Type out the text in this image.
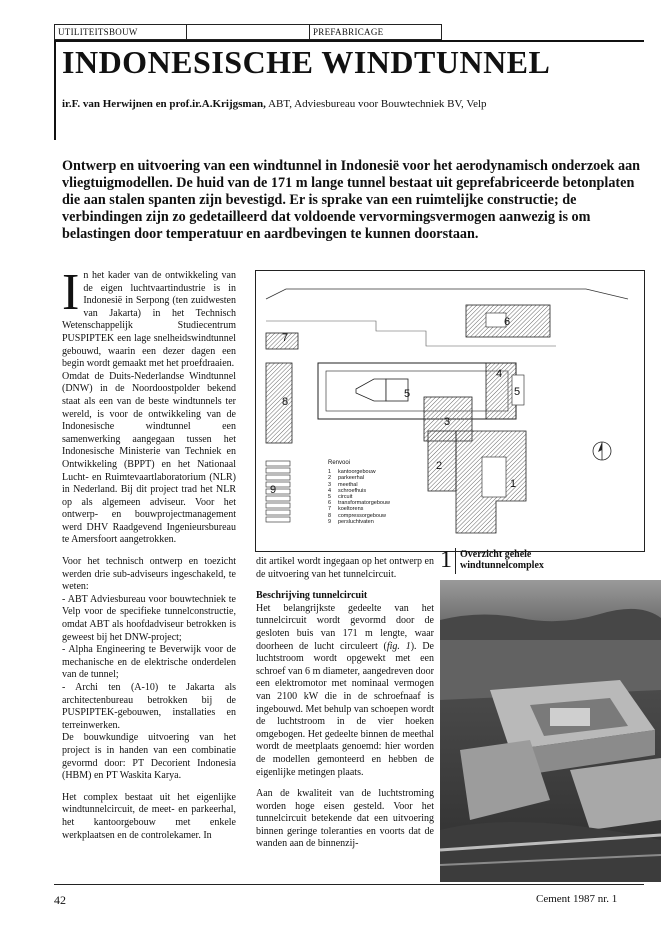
UTILITEITSBOUW	PREFABRICAGE
INDONESISCHE WINDTUNNEL
ir.F. van Herwijnen en prof.ir.A.Krijgsman, ABT, Adviesbureau voor Bouwtechniek BV, Velp
Ontwerp en uitvoering van een windtunnel in Indonesië voor het aerodynamisch onderzoek aan vliegtuigmodellen. De huid van de 171 m lange tunnel bestaat uit geprefabriceerde betonplaten die aan stalen spanten zijn bevestigd. Er is sprake van een ruimtelijke constructie; de verbindingen zijn zo gedetailleerd dat voldoende vervormingsvermogen aanwezig is om belastingen door temperatuur en aardbevingen te kunnen doorstaan.

In het kader van de ontwikkeling van de eigen luchtvaartindustrie is in Indonesië in Serpong (ten zuidwesten van Jakarta) in het Technisch Wetenschappelijk Studiecentrum PUSPIPTEK een lage snelheidswindtunnel gebouwd, waarin een dezer dagen een begin wordt gemaakt met het proefdraaien.

Omdat de Duits-Nederlandse Windtunnel (DNW) in de Noordoostpolder bekend staat als een van de beste windtunnels ter wereld, is voor de ontwikkeling van de Indonesische windtunnel een samenwerking aangegaan tussen het Indonesische Ministerie van Techniek en Ontwikkeling (BPPT) en het Nationaal Lucht- en Ruimtevaartlaboratorium (NLR) in Nederland. Bij dit project trad het NLR op als algemeen adviseur. Voor het ontwerp- en bouwprojectmanagement werd DHV Raadgevend Ingenieursbureau te Amersfoort aangetrokken.

Voor het technisch ontwerp en toezicht werden drie sub-adviseurs ingeschakeld, te weten:

- ABT Adviesbureau voor bouwtechniek te Velp voor de specifieke tunnelconstructie, omdat ABT als hoofdadviseur betrokken is geweest bij het DNW-project;

- Alpha Engineering te Beverwijk voor de mechanische en de elektrische onderdelen van de tunnel;

- Archi ten (A-10) te Jakarta als architectenbureau betrokken bij de PUSPIPTEK-gebouwen, installaties en terreinwerken.

De bouwkundige uitvoering van het project is in handen van een combinatie gevormd door: PT Decorient Indonesia (HBM) en PT Waskita Karya.

Het complex bestaat uit het eigenlijke windtunnelcircuit, de meet- en parkeerhal, het kantoorgebouw met enkele werkplaatsen en de controlekamer. In

7
8
9
6
5	5
4
3
2
1
Renvooi
1	kantoorgebouw
2	parkeerhal
3	meethal
4	schroefhuis
5	circuit
6	transformatorgebouw
7	koeltorens
8	compressorgebouw
9	persluchtvaten

dit artikel wordt ingegaan op het ontwerp en de uitvoering van het tunnelcircuit.

Beschrijving tunnelcircuit

Het belangrijkste gedeelte van het tunnelcircuit wordt gevormd door de gesloten buis van 171 m lengte, waar doorheen de lucht circuleert (fig. 1). De luchtstroom wordt opgewekt met een schroef van 6 m diameter, aangedreven door een elektromotor met nominaal vermogen van 2100 kW die in de schroefnaaf is ingebouwd. Met behulp van schoepen wordt de luchtstroom in de vier hoeken omgebogen. Het gedeelte binnen de meethal wordt de meetplaats genoemd: hier worden de modellen gemonteerd en hebben de eigenlijke metingen plaats.

Aan de kwaliteit van de luchtstroming worden hoge eisen gesteld. Voor het tunnelcircuit betekende dat een uitvoering binnen geringe toleranties en voorts dat de wanden aan de binnenzij-

1 Overzicht gehele windtunnelcomplex
42	Cement 1987 nr. 1
